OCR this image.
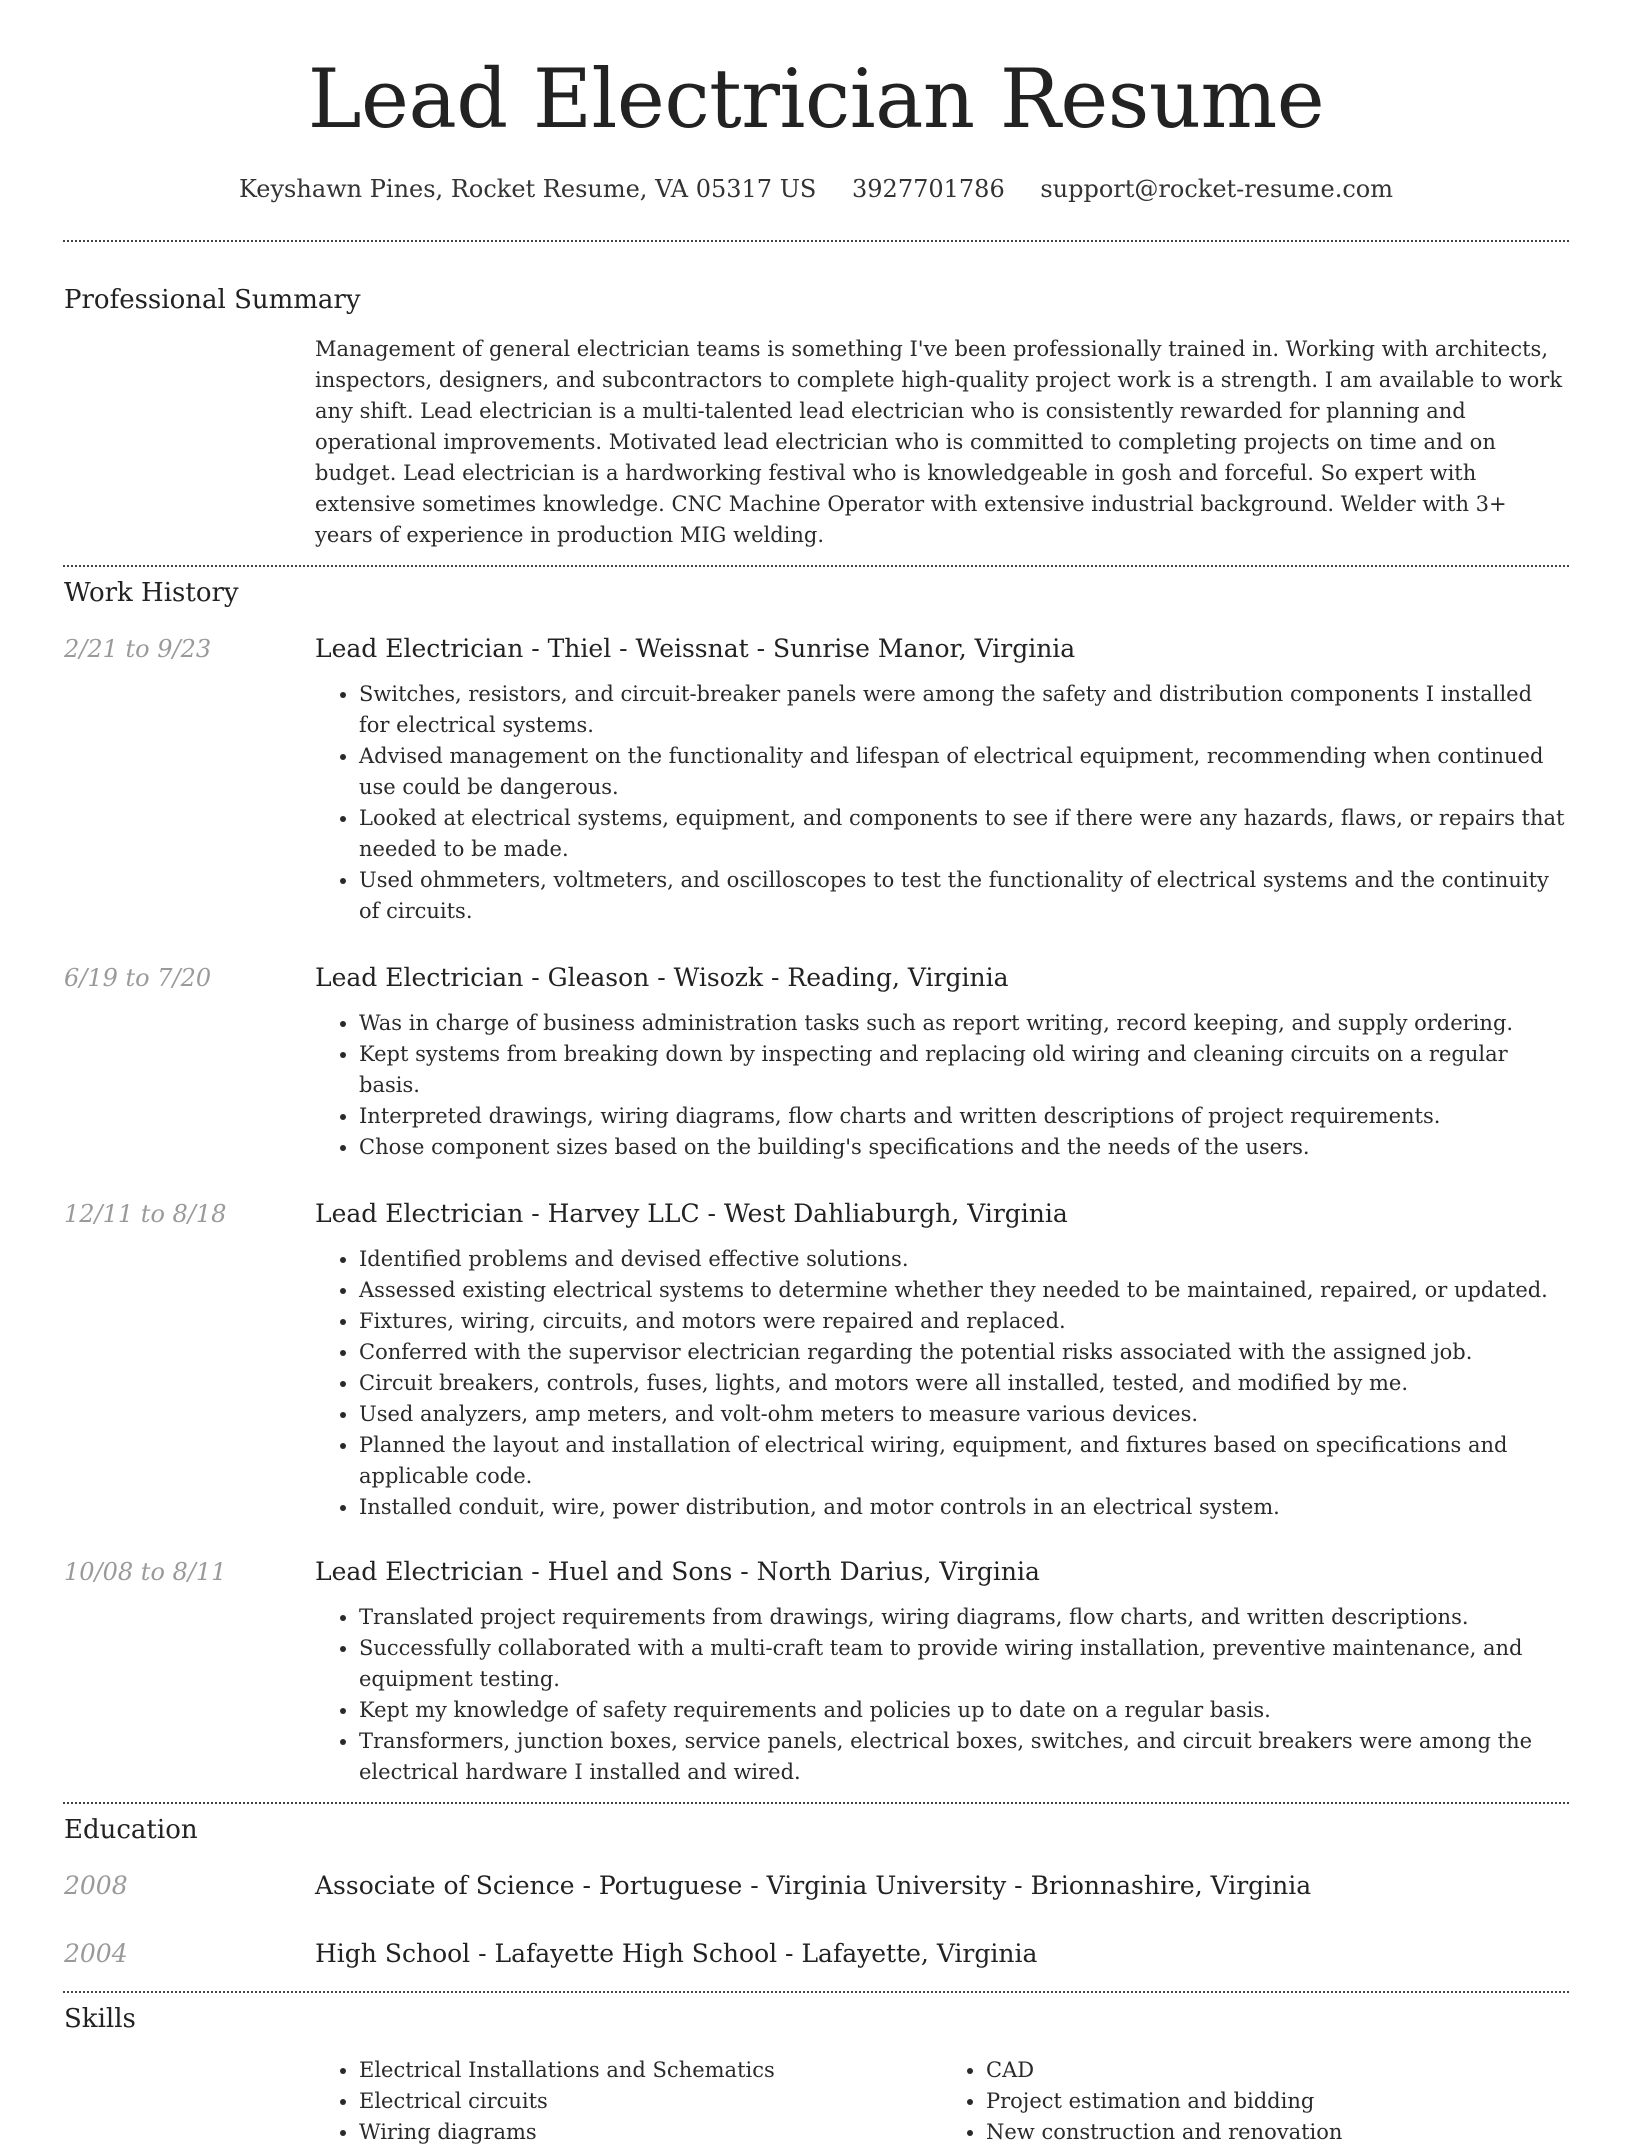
Lead Electrician Resume
Keyshawn Pines, Rocket Resume, VA 05317 US 3927701786 support@rocket-resume.com
Professional Summary
Management of general electrician teams is something I've been professionally trained in. Working with architects, inspectors, designers, and subcontractors to complete high-quality project work is a strength. I am available to work any shift. Lead electrician is a multi-talented lead electrician who is consistently rewarded for planning and operational improvements. Motivated lead electrician who is committed to completing projects on time and on budget. Lead electrician is a hardworking festival who is knowledgeable in gosh and forceful. So expert with extensive sometimes knowledge. CNC Machine Operator with extensive industrial background. Welder with 3+ years of experience in production MIG welding.
Work History
2/21 to 9/23	Lead Electrician - Thiel - Weissnat - Sunrise Manor, Virginia
• Switches, resistors, and circuit-breaker panels were among the safety and distribution components I installed for electrical systems.
• Advised management on the functionality and lifespan of electrical equipment, recommending when continued use could be dangerous.
• Looked at electrical systems, equipment, and components to see if there were any hazards, flaws, or repairs that needed to be made.
• Used ohmmeters, voltmeters, and oscilloscopes to test the functionality of electrical systems and the continuity of circuits.
6/19 to 7/20	Lead Electrician - Gleason - Wisozk - Reading, Virginia
• Was in charge of business administration tasks such as report writing, record keeping, and supply ordering.
• Kept systems from breaking down by inspecting and replacing old wiring and cleaning circuits on a regular basis.
• Interpreted drawings, wiring diagrams, flow charts and written descriptions of project requirements.
• Chose component sizes based on the building's specifications and the needs of the users.
12/11 to 8/18	Lead Electrician - Harvey LLC - West Dahliaburgh, Virginia
• Identified problems and devised effective solutions.
• Assessed existing electrical systems to determine whether they needed to be maintained, repaired, or updated.
• Fixtures, wiring, circuits, and motors were repaired and replaced.
• Conferred with the supervisor electrician regarding the potential risks associated with the assigned job.
• Circuit breakers, controls, fuses, lights, and motors were all installed, tested, and modified by me.
• Used analyzers, amp meters, and volt-ohm meters to measure various devices.
• Planned the layout and installation of electrical wiring, equipment, and fixtures based on specifications and applicable code.
• Installed conduit, wire, power distribution, and motor controls in an electrical system.
10/08 to 8/11	Lead Electrician - Huel and Sons - North Darius, Virginia
• Translated project requirements from drawings, wiring diagrams, flow charts, and written descriptions.
• Successfully collaborated with a multi-craft team to provide wiring installation, preventive maintenance, and equipment testing.
• Kept my knowledge of safety requirements and policies up to date on a regular basis.
• Transformers, junction boxes, service panels, electrical boxes, switches, and circuit breakers were among the electrical hardware I installed and wired.
Education
2008	Associate of Science - Portuguese - Virginia University - Brionnashire, Virginia
2004	High School - Lafayette High School - Lafayette, Virginia
Skills
• Electrical Installations and Schematics
• Electrical circuits
• Wiring diagrams
• CAD
• Project estimation and bidding
• New construction and renovation
